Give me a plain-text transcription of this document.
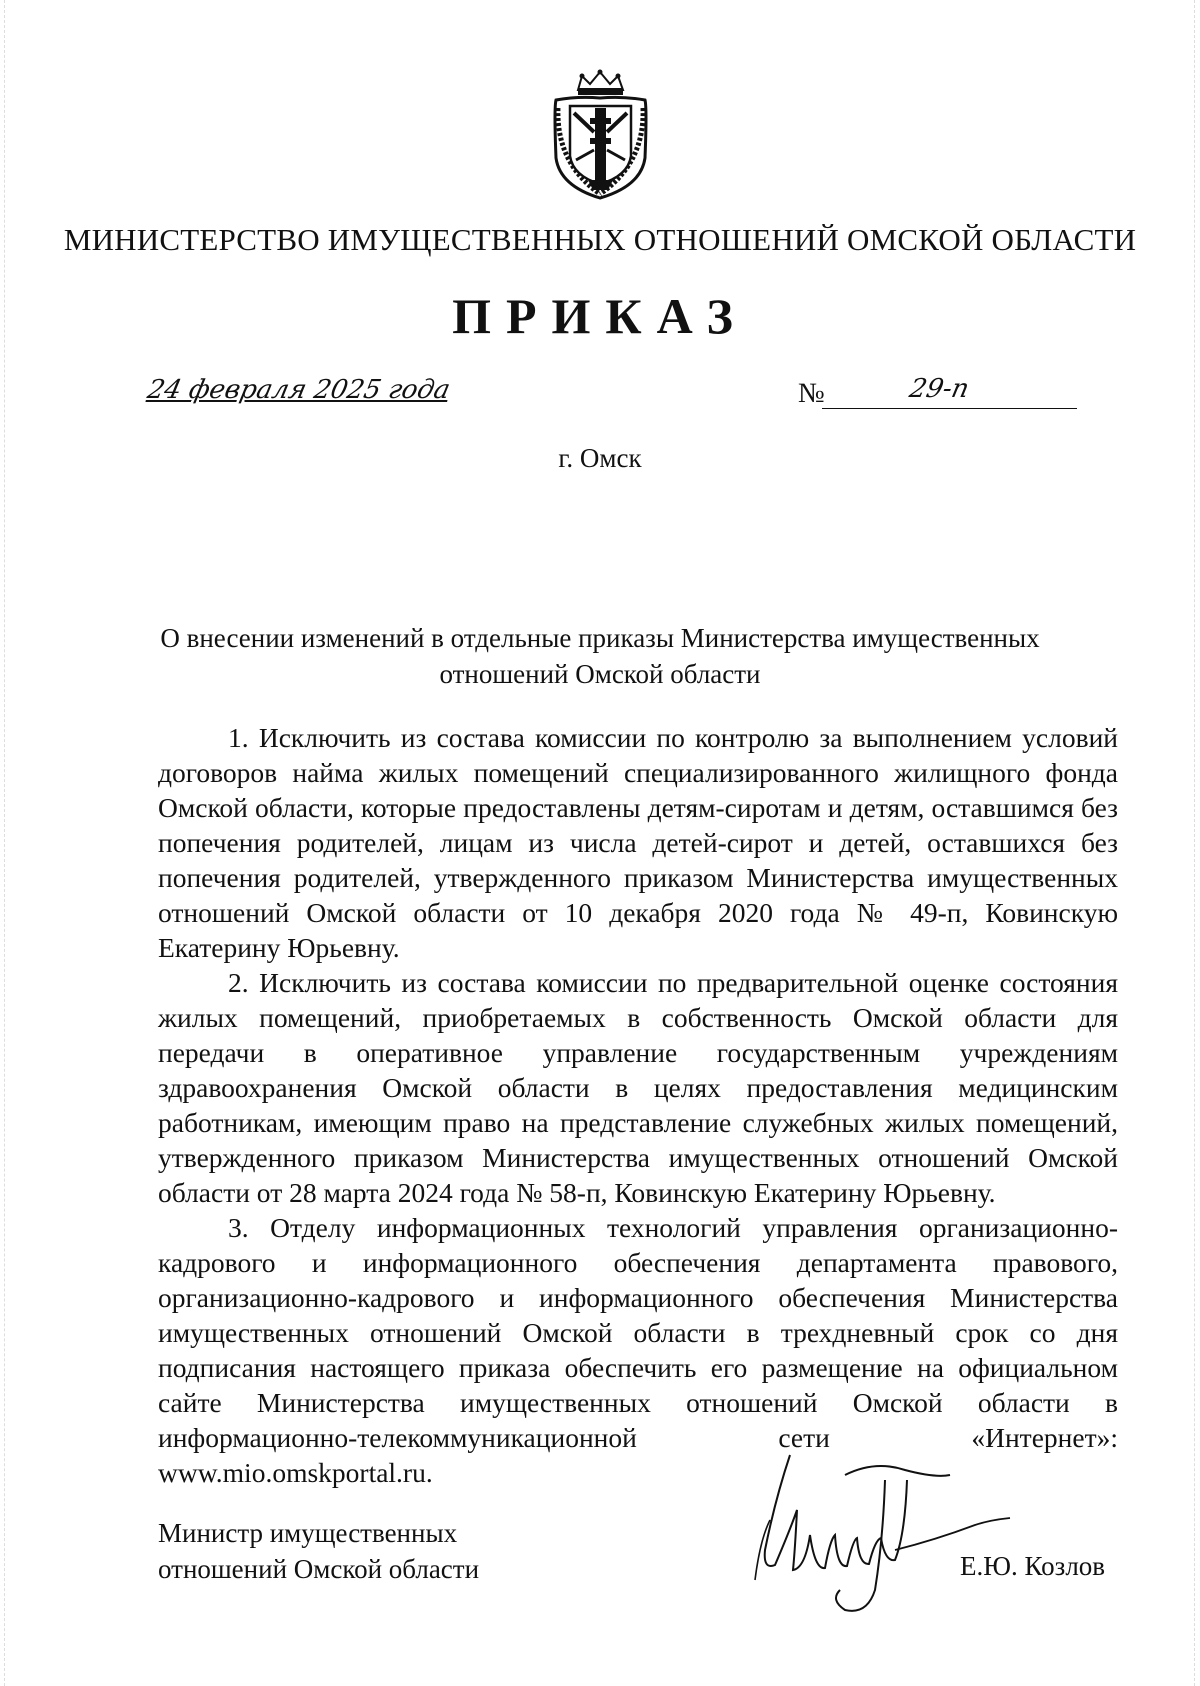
МИНИСТЕРСТВО ИМУЩЕСТВЕННЫХ ОТНОШЕНИЙ ОМСКОЙ ОБЛАСТИ
ПРИКАЗ
24 февраля 2025 года	№	29-п
г. Омск
О внесении изменений в отдельные приказы Министерства имущественных
отношений Омской области

1. Исключить из состава комиссии по контролю за выполнением условий договоров найма жилых помещений специализированного жилищного фонда Омской области, которые предоставлены детям-сиротам и детям, оставшимся без попечения родителей, лицам из числа детей-сирот и детей, оставшихся без попечения родителей, утвержденного приказом Министерства имущественных отношений Омской области от 10 декабря 2020 года № 49-п, Ковинскую Екатерину Юрьевну.

2. Исключить из состава комиссии по предварительной оценке состояния жилых помещений, приобретаемых в собственность Омской области для передачи в оперативное управление государственным учреждениям здравоохранения Омской области в целях предоставления медицинским работникам, имеющим право на представление служебных жилых помещений, утвержденного приказом Министерства имущественных отношений Омской области от 28 марта 2024 года № 58-п, Ковинскую Екатерину Юрьевну.

3. Отделу информационных технологий управления организационно-кадрового и информационного обеспечения департамента правового, организационно-кадрового и информационного обеспечения Министерства имущественных отношений Омской области в трехдневный срок со дня подписания настоящего приказа обеспечить его размещение на официальном сайте Министерства имущественных отношений Омской области в информационно-телекоммуникационной сети «Интернет»: www.mio.omskportal.ru.

Министр имущественных
отношений Омской области	Е.Ю. Козлов
